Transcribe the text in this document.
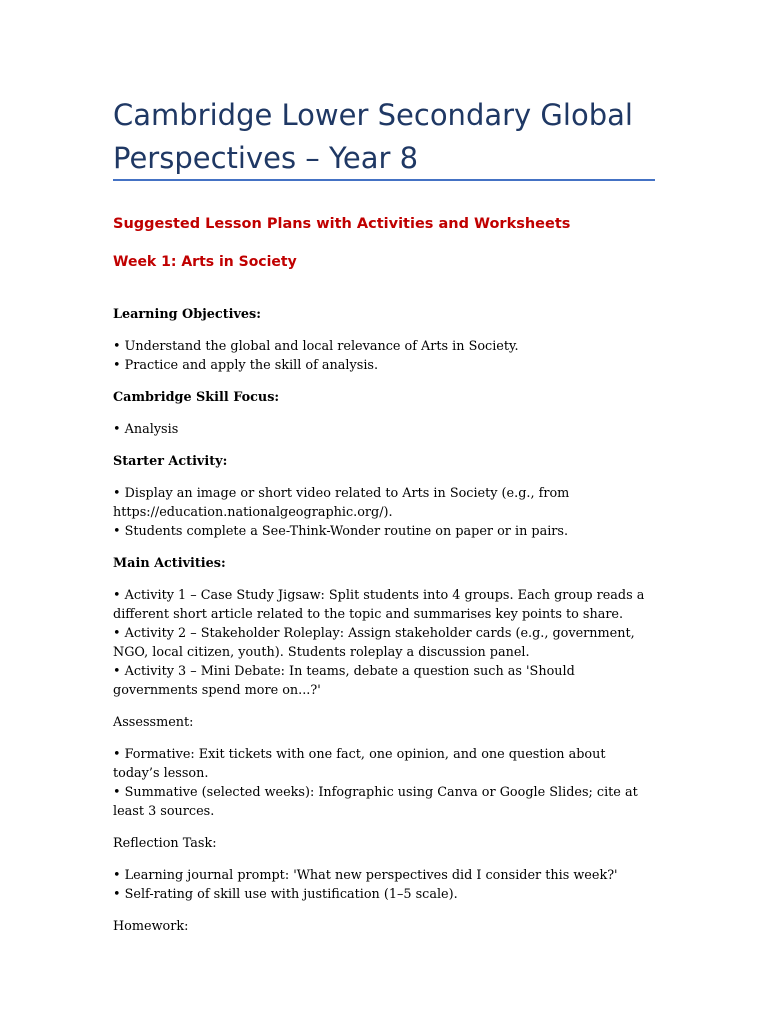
Cambridge Lower Secondary Global Perspectives – Year 8
Suggested Lesson Plans with Activities and Worksheets
Week 1: Arts in Society

Learning Objectives:

• Understand the global and local relevance of Arts in Society.

• Practice and apply the skill of analysis.

Cambridge Skill Focus:

• Analysis

Starter Activity:

• Display an image or short video related to Arts in Society (e.g., from https://education.nationalgeographic.org/).

• Students complete a See-Think-Wonder routine on paper or in pairs.

Main Activities:

• Activity 1 – Case Study Jigsaw: Split students into 4 groups. Each group reads a different short article related to the topic and summarises key points to share.

• Activity 2 – Stakeholder Roleplay: Assign stakeholder cards (e.g., government, NGO, local citizen, youth). Students roleplay a discussion panel.

• Activity 3 – Mini Debate: In teams, debate a question such as 'Should governments spend more on...?'

Assessment:

• Formative: Exit tickets with one fact, one opinion, and one question about today’s lesson.

• Summative (selected weeks): Infographic using Canva or Google Slides; cite at least 3 sources.

Reflection Task:

• Learning journal prompt: 'What new perspectives did I consider this week?'

• Self-rating of skill use with justification (1–5 scale).

Homework:
